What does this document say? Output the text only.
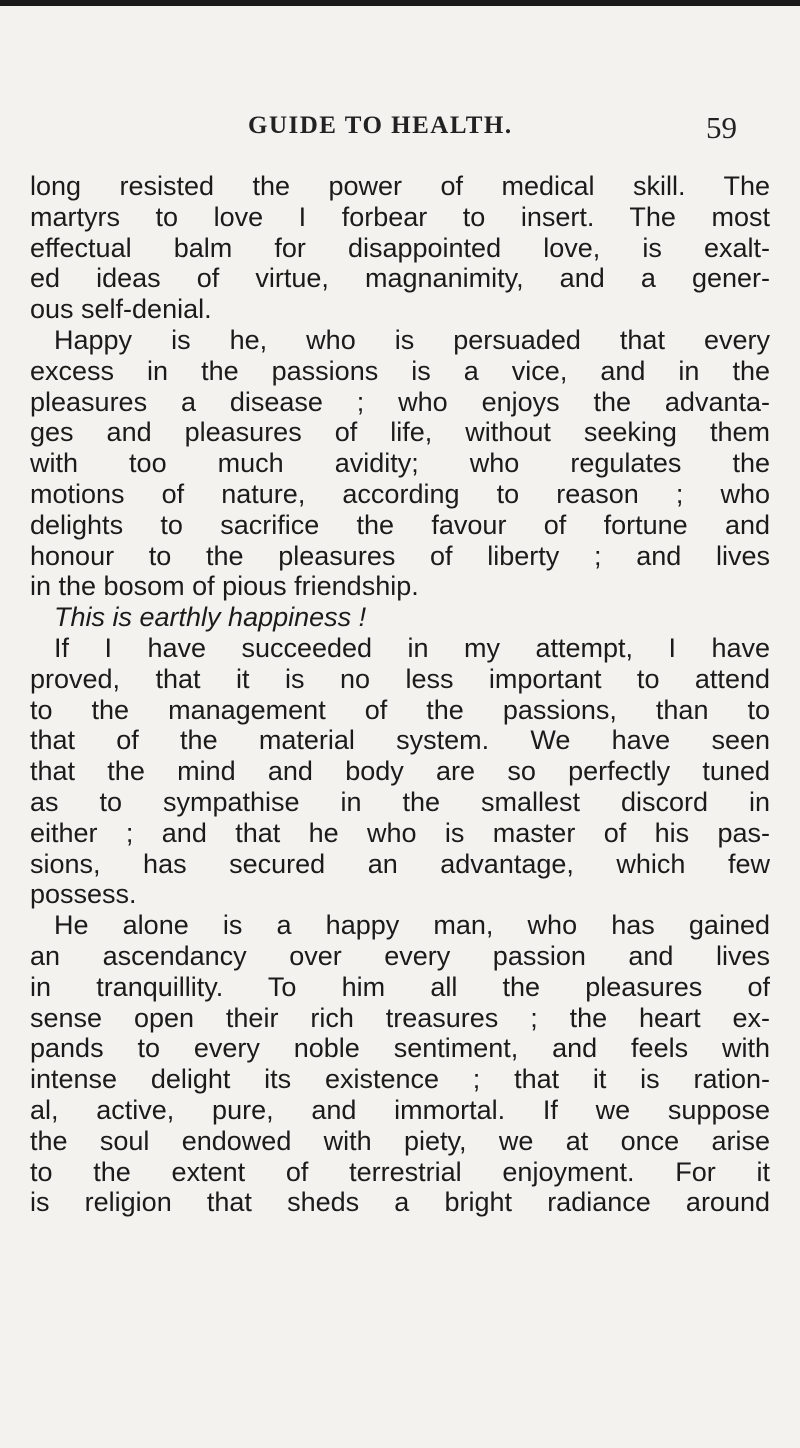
GUIDE TO HEALTH.	59
long resisted the power of medical skill. The
martyrs to love I forbear to insert. The most
effectual balm for disappointed love, is exalt-
ed ideas of virtue, magnanimity, and a gener-
ous self-denial.
Happy is he, who is persuaded that every
excess in the passions is a vice, and in the
pleasures a disease ; who enjoys the advanta-
ges and pleasures of life, without seeking them
with too much avidity; who regulates the
motions of nature, according to reason ; who
delights to sacrifice the favour of fortune and
honour to the pleasures of liberty ; and lives
in the bosom of pious friendship.
This is earthly happiness !
If I have succeeded in my attempt, I have
proved, that it is no less important to attend
to the management of the passions, than to
that of the material system. We have seen
that the mind and body are so perfectly tuned
as to sympathise in the smallest discord in
either ; and that he who is master of his pas-
sions, has secured an advantage, which few
possess.
He alone is a happy man, who has gained
an ascendancy over every passion and lives
in tranquillity. To him all the pleasures of
sense open their rich treasures ; the heart ex-
pands to every noble sentiment, and feels with
intense delight its existence ; that it is ration-
al, active, pure, and immortal. If we suppose
the soul endowed with piety, we at once arise
to the extent of terrestrial enjoyment. For it
is religion that sheds a bright radiance around
